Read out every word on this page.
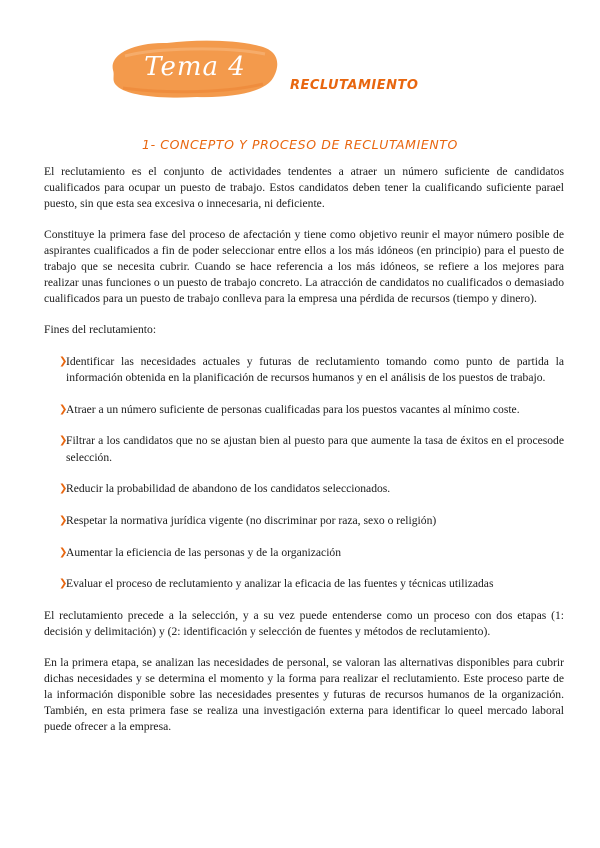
Tema 4
RECLUTAMIENTO
1- CONCEPTO Y PROCESO DE RECLUTAMIENTO

El reclutamiento es el conjunto de actividades tendentes a atraer un número suficiente de candidatos cualificados para ocupar un puesto de trabajo. Estos candidatos deben tener la cualificando suficiente parael puesto, sin que esta sea excesiva o innecesaria, ni deficiente.

Constituye la primera fase del proceso de afectación y tiene como objetivo reunir el mayor número posible de aspirantes cualificados a fin de poder seleccionar entre ellos a los más idóneos (en principio) para el puesto de trabajo que se necesita cubrir. Cuando se hace referencia a los más idóneos, se refiere a los mejores para realizar unas funciones o un puesto de trabajo concreto. La atracción de candidatos no cualificados o demasiado cualificados para un puesto de trabajo conlleva para la empresa una pérdida de recursos (tiempo y dinero).

Fines del reclutamiento:

❯
Identificar las necesidades actuales y futuras de reclutamiento tomando como punto de partida la información obtenida en la planificación de recursos humanos y en el análisis de los puestos de trabajo.
❯
Atraer a un número suficiente de personas cualificadas para los puestos vacantes al mínimo coste.
❯
Filtrar a los candidatos que no se ajustan bien al puesto para que aumente la tasa de éxitos en el procesode selección.
❯
Reducir la probabilidad de abandono de los candidatos seleccionados.
❯
Respetar la normativa jurídica vigente (no discriminar por raza, sexo o religión)
❯
Aumentar la eficiencia de las personas y de la organización
❯
Evaluar el proceso de reclutamiento y analizar la eficacia de las fuentes y técnicas utilizadas

El reclutamiento precede a la selección, y a su vez puede entenderse como un proceso con dos etapas (1: decisión y delimitación) y (2: identificación y selección de fuentes y métodos de reclutamiento).

En la primera etapa, se analizan las necesidades de personal, se valoran las alternativas disponibles para cubrir dichas necesidades y se determina el momento y la forma para realizar el reclutamiento. Este proceso parte de la información disponible sobre las necesidades presentes y futuras de recursos humanos de la organización. También, en esta primera fase se realiza una investigación externa para identificar lo queel mercado laboral puede ofrecer a la empresa.
